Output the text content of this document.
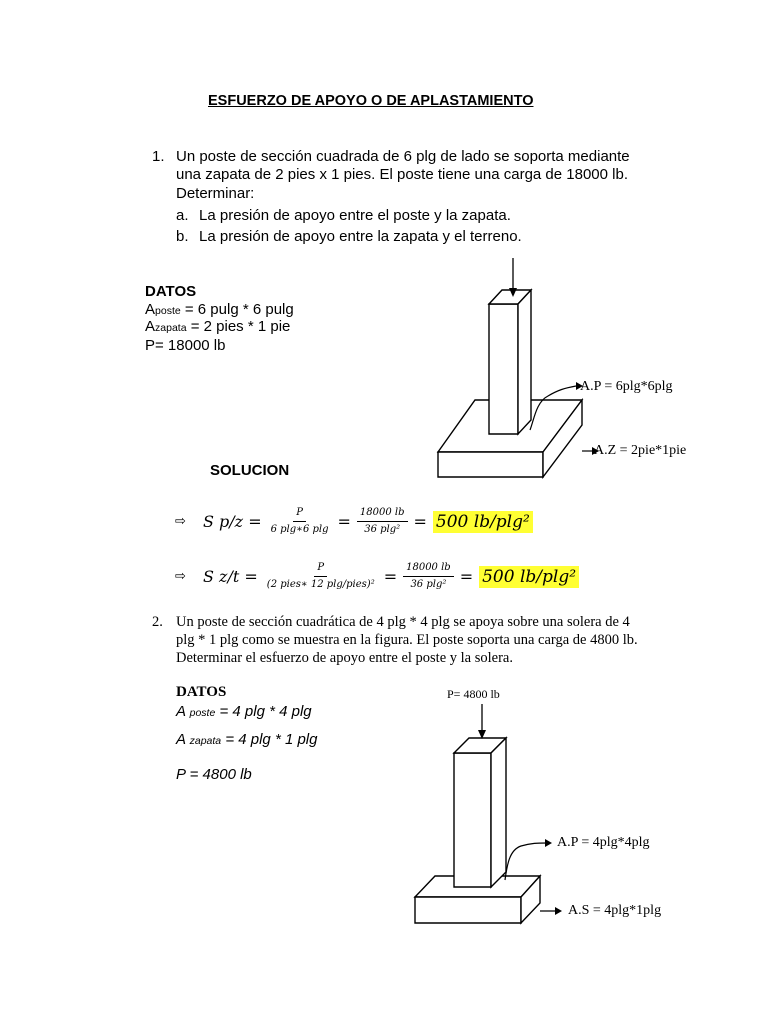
ESFUERZO DE APOYO O DE APLASTAMIENTO
1. Un poste de sección cuadrada de 6 plg de lado se soporta mediante
una zapata de 2 pies x 1 pies. El poste tiene una carga de 18000 lb.
Determinar:
a. La presión de apoyo entre el poste y la zapata.
b. La presión de apoyo entre la zapata y el terreno.
DATOS
Aposte = 6 pulg * 6 pulg
Azapata = 2 pies * 1 pie
P= 18000 lb
A.P = 6plg*6plg
A.Z = 2pie*1pie
SOLUCION
⇨	S $p/z = \frac{P}{6 plg∗6 plg} = \frac{18000 lb}{\text{36 plg²}} = 500$ lb/plg²
⇨	S $z/t = \frac{P}{\text{(2 pies∗ 12 plg/pies)²}} = \frac{18000 lb}{\text{36 plg²}} = 500$ lb/plg²
2. Un poste de sección cuadrática de 4 plg * 4 plg se apoya sobre una solera de 4
plg * 1 plg como se muestra en la figura. El poste soporta una carga de 4800 lb.
Determinar el esfuerzo de apoyo entre el poste y la solera.
DATOS
A poste = 4 plg * 4 plg
A zapata = 4 plg * 1 plg
P = 4800 lb
P= 4800 lb
A.P = 4plg*4plg
A.S = 4plg*1plg
